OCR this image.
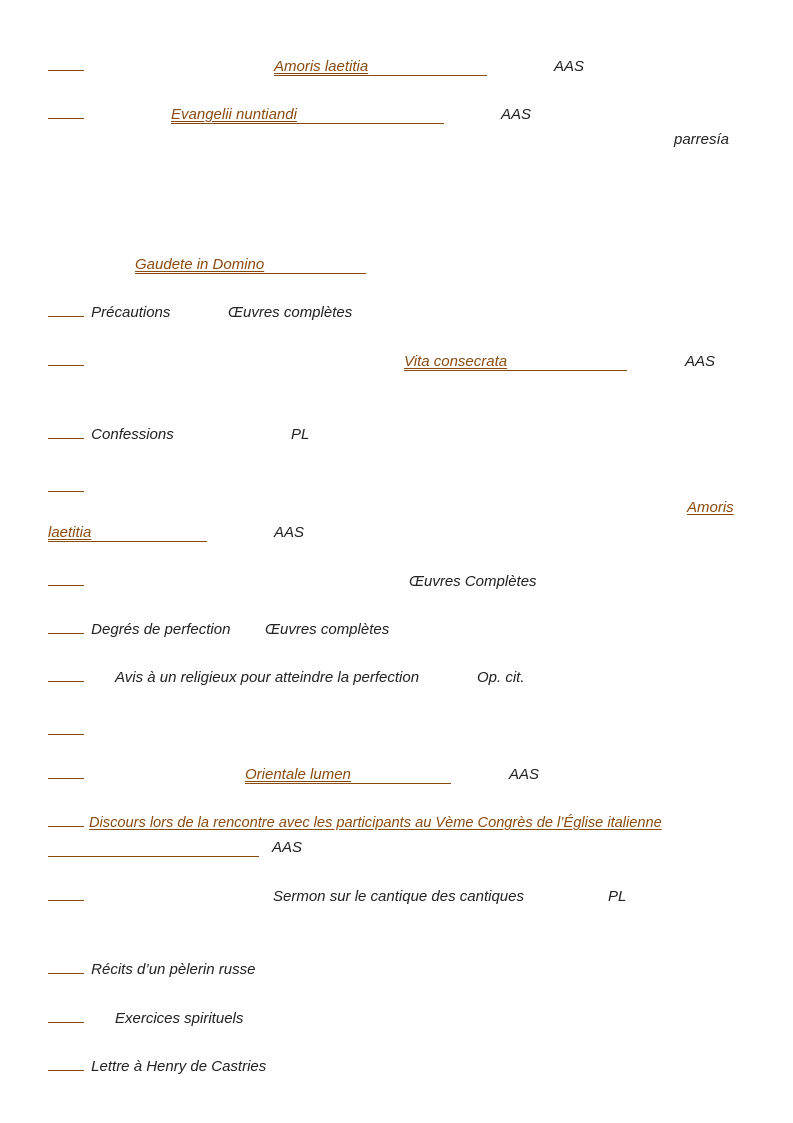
Amoris laetitia	AAS
Evangelii nuntiandi	AAS
parresía
Gaudete in Domino
Précautions	Œuvres complètes
Vita consecrata	AAS
Confessions	PL
Amoris
laetitia	AAS
Œuvres Complètes
Degrés de perfection Œuvres complètes
Avis à un religieux pour atteindre la perfection	Op. cit.
Orientale lumen	AAS
Discours lors de la rencontre avec les participants au Vème Congrès de l’Église italienne
AAS
Sermon sur le cantique des cantiques	PL
Récits d’un pèlerin russe
Exercices spirituels
Lettre à Henry de Castries
